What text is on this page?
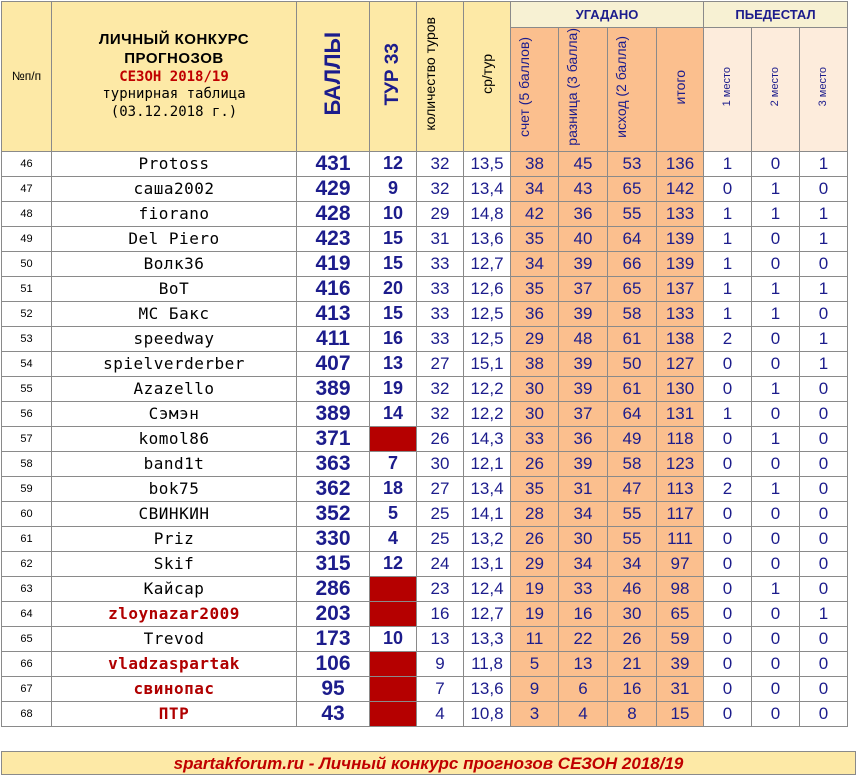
№п/п	ЛИЧНЫЙ КОНКУРС
ПРОГНОЗОВ
СЕЗОН 2018/19
турнирная таблица
(03.12.2018 г.)	БАЛЛЫ	ТУР 33	количество туров	ср/тур	УГАДАНО				ПЬЕДЕСТАЛ		
						счет (5 баллов)	разница (3 балла)	исход (2 балла)	итого	1 место	2 место	3 место
46	Protoss	431	12	32	13,5	38	45	53	136	1	0	1
47	саша2002	429	9	32	13,4	34	43	65	142	0	1	0
48	fiorano	428	10	29	14,8	42	36	55	133	1	1	1
49	Del Piero	423	15	31	13,6	35	40	64	139	1	0	1
50	Волк36	419	15	33	12,7	34	39	66	139	1	0	0
51	BoT	416	20	33	12,6	35	37	65	137	1	1	1
52	MC Бакс	413	15	33	12,5	36	39	58	133	1	1	0
53	speedway	411	16	33	12,5	29	48	61	138	2	0	1
54	spielverderber	407	13	27	15,1	38	39	50	127	0	0	1
55	Azazello	389	19	32	12,2	30	39	61	130	0	1	0
56	Сэмэн	389	14	32	12,2	30	37	64	131	1	0	0
57	komol86	371		26	14,3	33	36	49	118	0	1	0
58	band1t	363	7	30	12,1	26	39	58	123	0	0	0
59	bok75	362	18	27	13,4	35	31	47	113	2	1	0
60	СВИНКИН	352	5	25	14,1	28	34	55	117	0	0	0
61	Priz	330	4	25	13,2	26	30	55	111	0	0	0
62	Skif	315	12	24	13,1	29	34	34	97	0	0	0
63	Кайсар	286		23	12,4	19	33	46	98	0	1	0
64	zloynazar2009	203		16	12,7	19	16	30	65	0	0	1
65	Trevod	173	10	13	13,3	11	22	26	59	0	0	0
66	vladzaspartak	106		9	11,8	5	13	21	39	0	0	0
67	свинопас	95		7	13,6	9	6	16	31	0	0	0
68	ПТР	43		4	10,8	3	4	8	15	0	0	0
spartakforum.ru - Личный конкурс прогнозов СЕЗОН 2018/19
